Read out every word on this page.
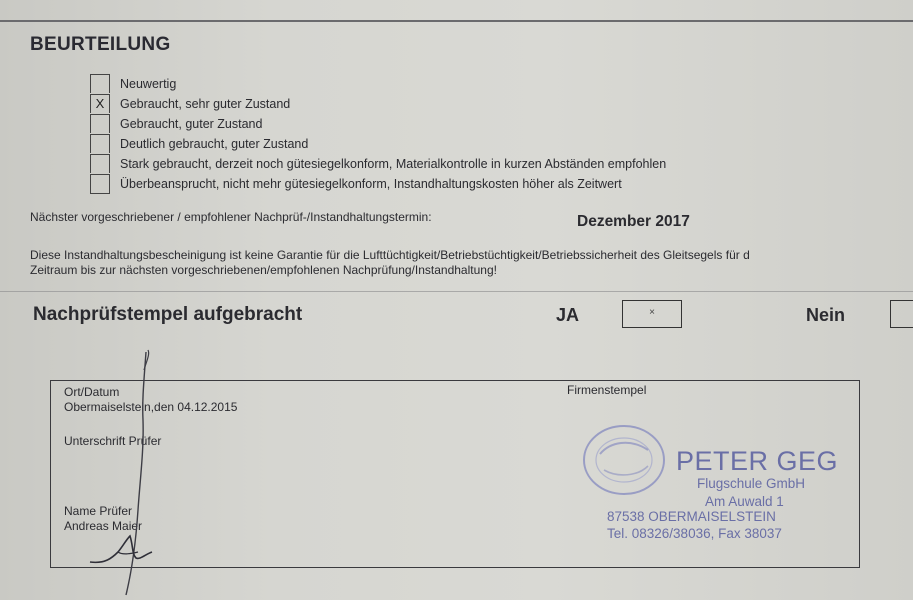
BEURTEILUNG
Neuwertig
X	Gebraucht, sehr guter Zustand
Gebraucht, guter Zustand
Deutlich gebraucht, guter Zustand
Stark gebraucht, derzeit noch gütesiegelkonform, Materialkontrolle in kurzen Abständen empfohlen
Überbeansprucht, nicht mehr gütesiegelkonform, Instandhaltungskosten höher als Zeitwert
Nächster vorgeschriebener / empfohlener Nachprüf-/Instandhaltungstermin:	Dezember 2017
Diese Instandhaltungsbescheinigung ist keine Garantie für die Lufttüchtigkeit/Betriebstüchtigkeit/Betriebssicherheit des Gleitsegels für d
Zeitraum bis zur nächsten vorgeschriebenen/empfohlenen Nachprüfung/Instandhaltung!
Nachprüfstempel aufgebracht	JA	×	Nein
Ort/Datum
Obermaiselstein,den 04.12.2015
Unterschrift Prüfer
Name Prüfer
Andreas Maier
Firmenstempel
PETER GEG
Flugschule GmbH
Am Auwald 1
87538 OBERMAISELSTEIN
Tel. 08326/38036, Fax 38037
